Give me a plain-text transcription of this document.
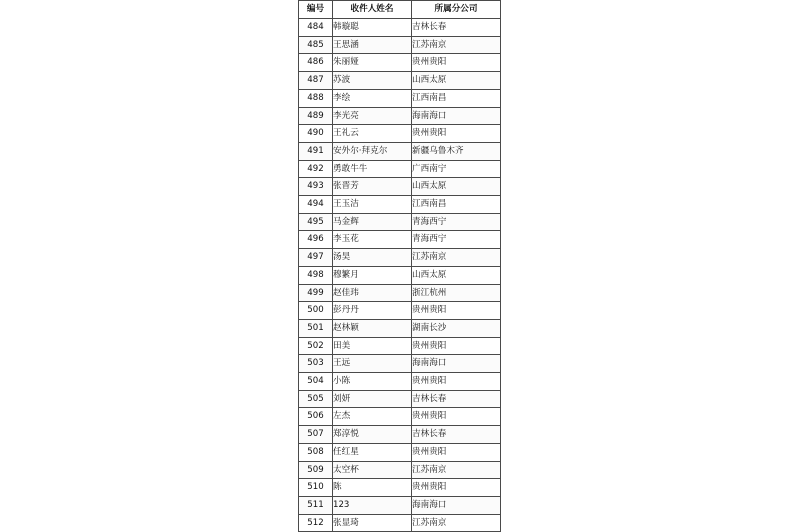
编号	收件人姓名	所属分公司
484	韩璇聪	吉林长春
485	王思涵	江苏南京
486	朱丽娅	贵州贵阳
487	苏波	山西太原
488	李绘	江西南昌
489	李光亮	海南海口
490	王礼云	贵州贵阳
491	安外尔·拜克尔	新疆乌鲁木齐
492	勇敢牛牛	广西南宁
493	张晋芳	山西太原
494	王玉洁	江西南昌
495	马金辉	青海西宁
496	李玉花	青海西宁
497	汤昊	江苏南京
498	穆繁月	山西太原
499	赵佳玮	浙江杭州
500	彭丹丹	贵州贵阳
501	赵林颖	湖南长沙
502	田美	贵州贵阳
503	王远	海南海口
504	小陈	贵州贵阳
505	刘妍	吉林长春
506	左杰	贵州贵阳
507	郑淳悦	吉林长春
508	任红星	贵州贵阳
509	太空杯	江苏南京
510	陈	贵州贵阳
511	123	海南海口
512	张显琦	江苏南京
